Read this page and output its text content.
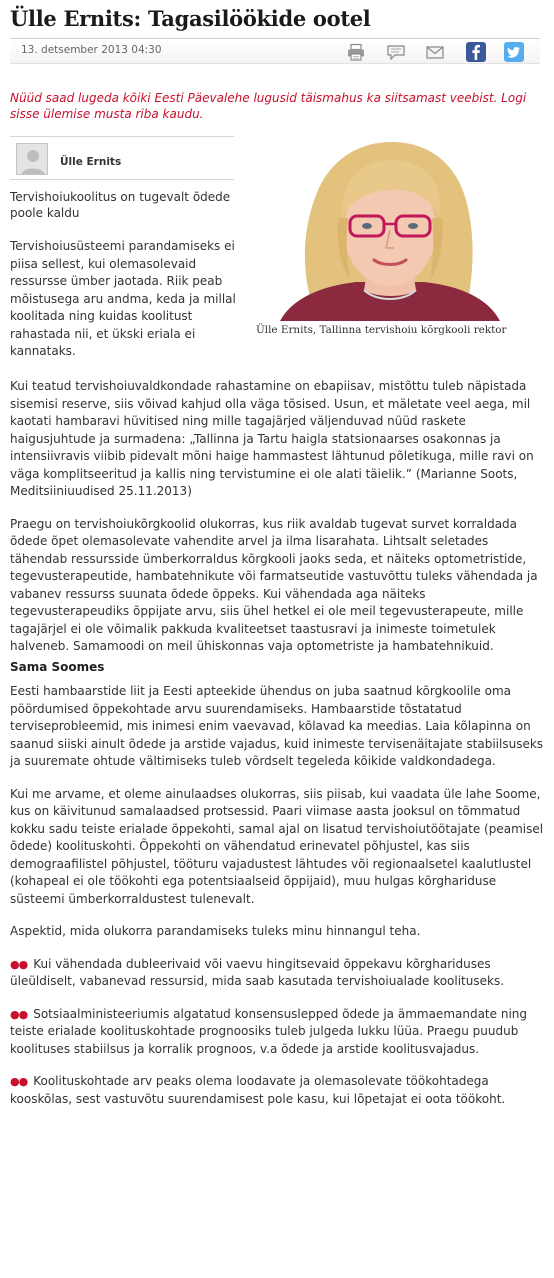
Ülle Ernits: Tagasilöökide ootel
13. detsember 2013 04:30

Nüüd saad lugeda kõiki Eesti Päevalehe lugusid täismahus ka siitsamast veebist. Logi sisse ülemise musta riba kaudu.

Ülle Ernits

Tervishoiukoolitus on tugevalt õdede poole kaldu

Tervishoiusüsteemi parandamiseks ei piisa sellest, kui olemasolevaid ressursse ümber jaotada. Riik peab mõistusega aru andma, keda ja millal koolitada ning kuidas koolitust rahastada nii, et ükski eriala ei kannataks.

Ülle Ernits, Tallinna tervishoiu kõrgkooli rektor

Kui teatud tervishoiuvaldkondade rahastamine on ebapiisav, mistõttu tuleb näpistada sisemisi reserve, siis võivad kahjud olla väga tõsised. Usun, et mäletate veel aega, mil kaotati hambaravi hüvitised ning mille tagajärjed väljenduvad nüüd raskete haigusjuhtude ja surmadena: „Tallinna ja Tartu haigla statsionaarses osakonnas ja intensiivravis viibib pidevalt mõni haige hammastest lähtunud põletikuga, mille ravi on väga komplitseeritud ja kallis ning tervistumine ei ole alati täielik.” (Marianne Soots, Meditsiiniuudised 25.11.2013)

Praegu on tervishoiukõrgkoolid olukorras, kus riik avaldab tugevat survet korraldada õdede õpet olemasolevate vahendite arvel ja ilma lisarahata. Lihtsalt seletades tähendab ressursside ümberkorraldus kõrgkooli jaoks seda, et näiteks optometristide, tegevusterapeutide, hambatehnikute või farmatseutide vastuvõttu tuleks vähendada ja vabanev ressurss suunata õdede õppeks. Kui vähendada aga näiteks tegevusterapeudiks õppijate arvu, siis ühel hetkel ei ole meil tegevusterapeute, mille tagajärjel ei ole võimalik pakkuda kvaliteetset taastusravi ja inimeste toimetulek halveneb. Samamoodi on meil ühiskonnas vaja optometriste ja hambatehnikuid.

Sama Soomes

Eesti hambaarstide liit ja Eesti apteekide ühendus on juba saatnud kõrgkoolile oma pöördumised õppekohtade arvu suurendamiseks. Hambaarstide tõstatatud terviseprobleemid, mis inimesi enim vaevavad, kõlavad ka meedias. Laia kõlapinna on saanud siiski ainult õdede ja arstide vajadus, kuid inimeste tervisenäitajate stabiilsuseks ja suuremate ohtude vältimiseks tuleb võrdselt tegeleda kõikide valdkondadega.

Kui me arvame, et oleme ainulaadses olukorras, siis piisab, kui vaadata üle lahe Soome, kus on käivitunud samalaadsed protsessid. Paari viimase aasta jooksul on tõmmatud kokku sadu teiste erialade õppekohti, samal ajal on lisatud tervishoiutöötajate (peamisel õdede) koolituskohti. Õppekohti on vähendatud erinevatel põhjustel, kas siis demograafilistel põhjustel, tööturu vajadustest lähtudes või regionaalsetel kaalutlustel (kohapeal ei ole töökohti ega potentsiaalseid õppijaid), muu hulgas kõrghariduse süsteemi ümberkorraldustest tulenevalt.

Aspektid, mida olukorra parandamiseks tuleks minu hinnangul teha.

●● Kui vähendada dubleerivaid või vaevu hingitsevaid õppekavu kõrghariduses üleüldiselt, vabanevad ressursid, mida saab kasutada tervishoiualade koolituseks.

●● Sotsiaalministeeriumis algatatud konsensuslepped õdede ja ämmaemandate ning teiste erialade koolituskohtade prognoosiks tuleb julgeda lukku lüüa. Praegu puudub koolituses stabiilsus ja korralik prognoos, v.a õdede ja arstide koolitusvajadus.

●● Koolituskohtade arv peaks olema loodavate ja olemasolevate töökohtadega kooskõlas, sest vastuvõtu suurendamisest pole kasu, kui lõpetajat ei oota töökoht.
